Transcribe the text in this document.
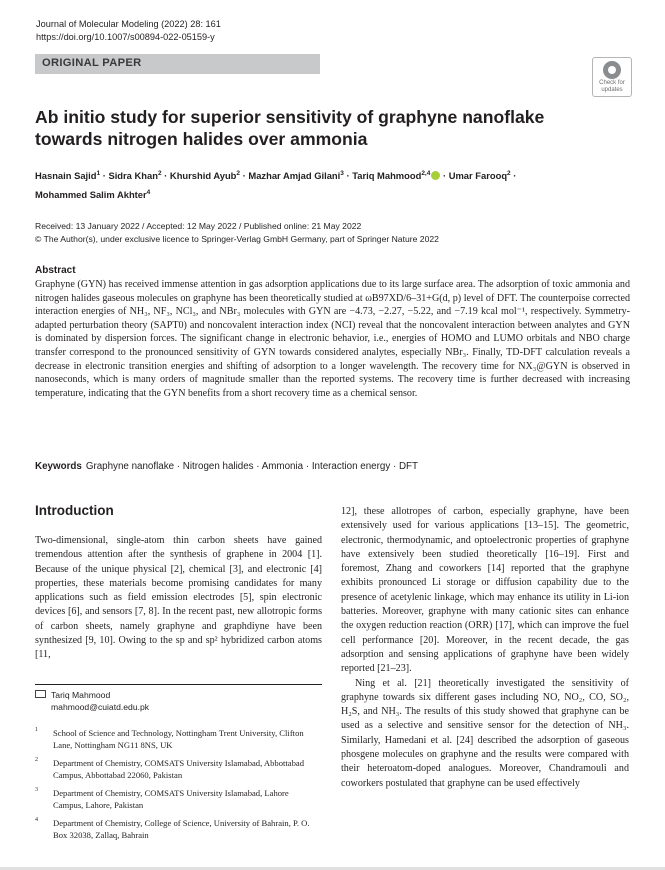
Journal of Molecular Modeling (2022) 28: 161
https://doi.org/10.1007/s00894-022-05159-y
ORIGINAL PAPER
Check for
updates
Ab initio study for superior sensitivity of graphyne nanoflake
towards nitrogen halides over ammonia
Hasnain Sajid$^1$ · Sidra Khan$^2$ · Khurshid Ayub$^2$ · Mazhar Amjad Gilani$^3$ · Tariq Mahmood$^{2,4}$ · Umar Farooq$^2$ ·
Mohammed Salim Akhter$^4$
Received: 13 January 2022 / Accepted: 12 May 2022 / Published online: 21 May 2022
© The Author(s), under exclusive licence to Springer-Verlag GmbH Germany, part of Springer Nature 2022
Abstract
Graphyne (GYN) has received immense attention in gas adsorption applications due to its large surface area. The adsorption of toxic ammonia and nitrogen halides gaseous molecules on graphyne has been theoretically studied at ωB97XD/6–31+G(d, p) level of DFT. The counterpoise corrected interaction energies of NH₃, NF₃, NCl₃, and NBr₃ molecules with GYN are −4.73, −2.27, −5.22, and −7.19 kcal mol⁻¹, respectively. Symmetry-adapted perturbation theory (SAPT0) and noncovalent interaction index (NCI) reveal that the noncovalent interaction between analytes and GYN is dominated by dispersion forces. The significant change in electronic behavior, i.e., energies of HOMO and LUMO orbitals and NBO charge transfer correspond to the pronounced sensitivity of GYN towards considered analytes, especially NBr₃. Finally, TD-DFT calculation reveals a decrease in electronic transition energies and shifting of adsorption to a longer wavelength. The recovery time for NX₃@GYN is observed in nanoseconds, which is many orders of magnitude smaller than the reported systems. The recovery time is further decreased with increasing temperature, indicating that the GYN benefits from a short recovery time as a chemical sensor.
Keywords Graphyne nanoflake · Nitrogen halides · Ammonia · Interaction energy · DFT
Introduction
Two-dimensional, single-atom thin carbon sheets have gained tremendous attention after the synthesis of graphene in 2004 [1]. Because of the unique physical [2], chemical [3], and electronic [4] properties, these materials become promising candidates for many applications such as field emission electrodes [5], spin electronic devices [6], and sensors [7, 8]. In the recent past, new allotropic forms of carbon sheets, namely graphyne and graphdiyne have been synthesized [9, 10]. Owing to the sp and sp² hybridized carbon atoms [11,

12], these allotropes of carbon, especially graphyne, have been extensively used for various applications [13–15]. The geometric, electronic, thermodynamic, and optoelectronic properties of graphyne have extensively been studied theoretically [16–19]. First and foremost, Zhang and coworkers [14] reported that the graphyne exhibits pronounced Li storage or diffusion capability due to the presence of acetylenic linkage, which may enhance its utility in Li-ion batteries. Moreover, graphyne with many cationic sites can enhance the oxygen reduction reaction (ORR) [17], which can improve the fuel cell performance [20]. Moreover, in the recent decade, the gas adsorption and sensing applications of graphyne have been widely reported [21–23].

Ning et al. [21] theoretically investigated the sensitivity of graphyne towards six different gases including NO, NO₂, CO, SO₂, H₂S, and NH₃. The results of this study showed that graphyne can be used as a selective and sensitive sensor for the detection of NH₃. Similarly, Hamedani et al. [24] described the adsorption of gaseous phosgene molecules on graphyne and the results were compared with their heteroatom-doped analogues. Moreover, Chandramouli and coworkers postulated that graphyne can be used effectively

Tariq Mahmood
mahmood@cuiatd.edu.pk
1 School of Science and Technology, Nottingham Trent University, Clifton Lane, Nottingham NG11 8NS, UK
2 Department of Chemistry, COMSATS University Islamabad, Abbottabad Campus, Abbottabad 22060, Pakistan
3 Department of Chemistry, COMSATS University Islamabad, Lahore Campus, Lahore, Pakistan
4 Department of Chemistry, College of Science, University of Bahrain, P. O. Box 32038, Zallaq, Bahrain
